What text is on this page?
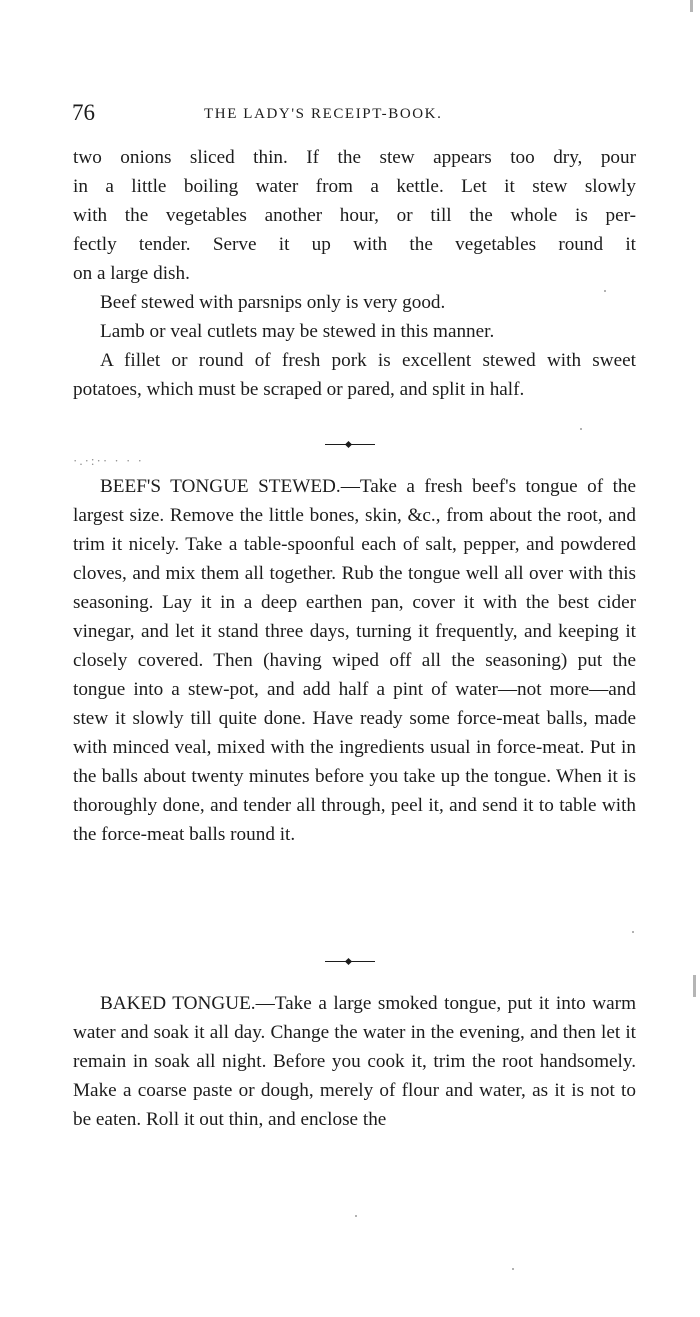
76	THE LADY'S RECEIPT-BOOK.
two onions sliced thin. If the stew appears too dry, pour
in a little boiling water from a kettle. Let it stew slowly
with the vegetables another hour, or till the whole is per-
fectly tender. Serve it up with the vegetables round it
on a large dish.

Beef stewed with parsnips only is very good.

Lamb or veal cutlets may be stewed in this manner.

A fillet or round of fresh pork is excellent stewed with sweet potatoes, which must be scraped or pared, and split in half.

·.·:·· · · ·

BEEF'S TONGUE STEWED.—Take a fresh beef's tongue of the largest size. Remove the little bones, skin, &c., from about the root, and trim it nicely. Take a table-spoonful each of salt, pepper, and powdered cloves, and mix them all together. Rub the tongue well all over with this seasoning. Lay it in a deep earthen pan, cover it with the best cider vinegar, and let it stand three days, turning it frequently, and keeping it closely covered. Then (having wiped off all the seasoning) put the tongue into a stew-pot, and add half a pint of water—not more—and stew it slowly till quite done. Have ready some force-meat balls, made with minced veal, mixed with the ingredients usual in force-meat. Put in the balls about twenty minutes before you take up the tongue. When it is thoroughly done, and tender all through, peel it, and send it to table with the force-meat balls round it.

BAKED TONGUE.—Take a large smoked tongue, put it into warm water and soak it all day. Change the water in the evening, and then let it remain in soak all night. Before you cook it, trim the root handsomely. Make a coarse paste or dough, merely of flour and water, as it is not to be eaten. Roll it out thin, and enclose the
